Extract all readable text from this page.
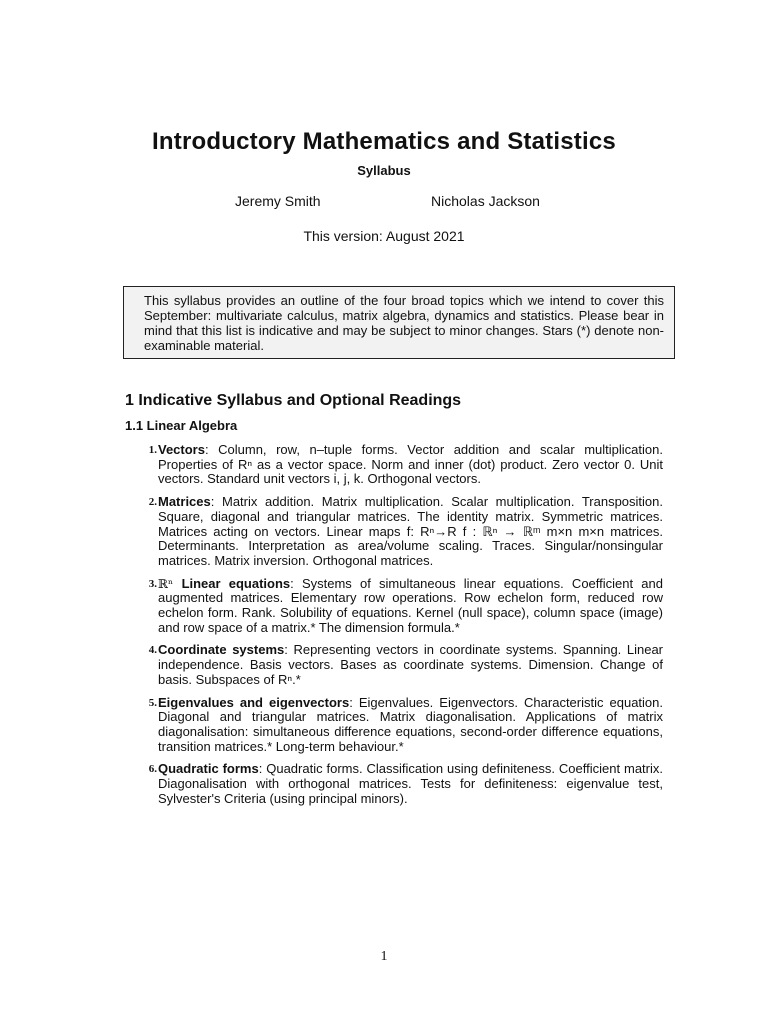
Introductory Mathematics and Statistics
Syllabus
Jeremy Smith	Nicholas Jackson
This version: August 2021
This syllabus provides an outline of the four broad topics which we intend to cover this September: multivariate calculus, matrix algebra, dynamics and statistics. Please bear in mind that this list is indicative and may be subject to minor changes. Stars (*) denote non-examinable material.
1 Indicative Syllabus and Optional Readings
1.1 Linear Algebra
1. Vectors: Column, row, n–tuple forms. Vector addition and scalar multiplication. Properties of Rⁿ as a vector space. Norm and inner (dot) product. Zero vector 0. Unit vectors. Standard unit vectors i, j, k. Orthogonal vectors.
2. Matrices: Matrix addition. Matrix multiplication. Scalar multiplication. Transposition. Square, diagonal and triangular matrices. The identity matrix. Symmetric matrices. Matrices acting on vectors. Linear maps f: Rⁿ→R f : ℝⁿ → ℝᵐ m×n m×n matrices. Determinants. Interpretation as area/volume scaling. Traces. Singular/nonsingular matrices. Matrix inversion. Orthogonal matrices.
3. ℝⁿ Linear equations: Systems of simultaneous linear equations. Coefficient and augmented matrices. Elementary row operations. Row echelon form, reduced row echelon form. Rank. Solubility of equations. Kernel (null space), column space (image) and row space of a matrix.* The dimension formula.*
4. Coordinate systems: Representing vectors in coordinate systems. Spanning. Linear independence. Basis vectors. Bases as coordinate systems. Dimension. Change of basis. Subspaces of Rⁿ.*
5. Eigenvalues and eigenvectors: Eigenvalues. Eigenvectors. Characteristic equation. Diagonal and triangular matrices. Matrix diagonalisation. Applications of matrix diagonalisation: simultaneous difference equations, second-order difference equations, transition matrices.* Long-term behaviour.*
6. Quadratic forms: Quadratic forms. Classification using definiteness. Coefficient matrix. Diagonalisation with orthogonal matrices. Tests for definiteness: eigenvalue test, Sylvester's Criteria (using principal minors).
1
